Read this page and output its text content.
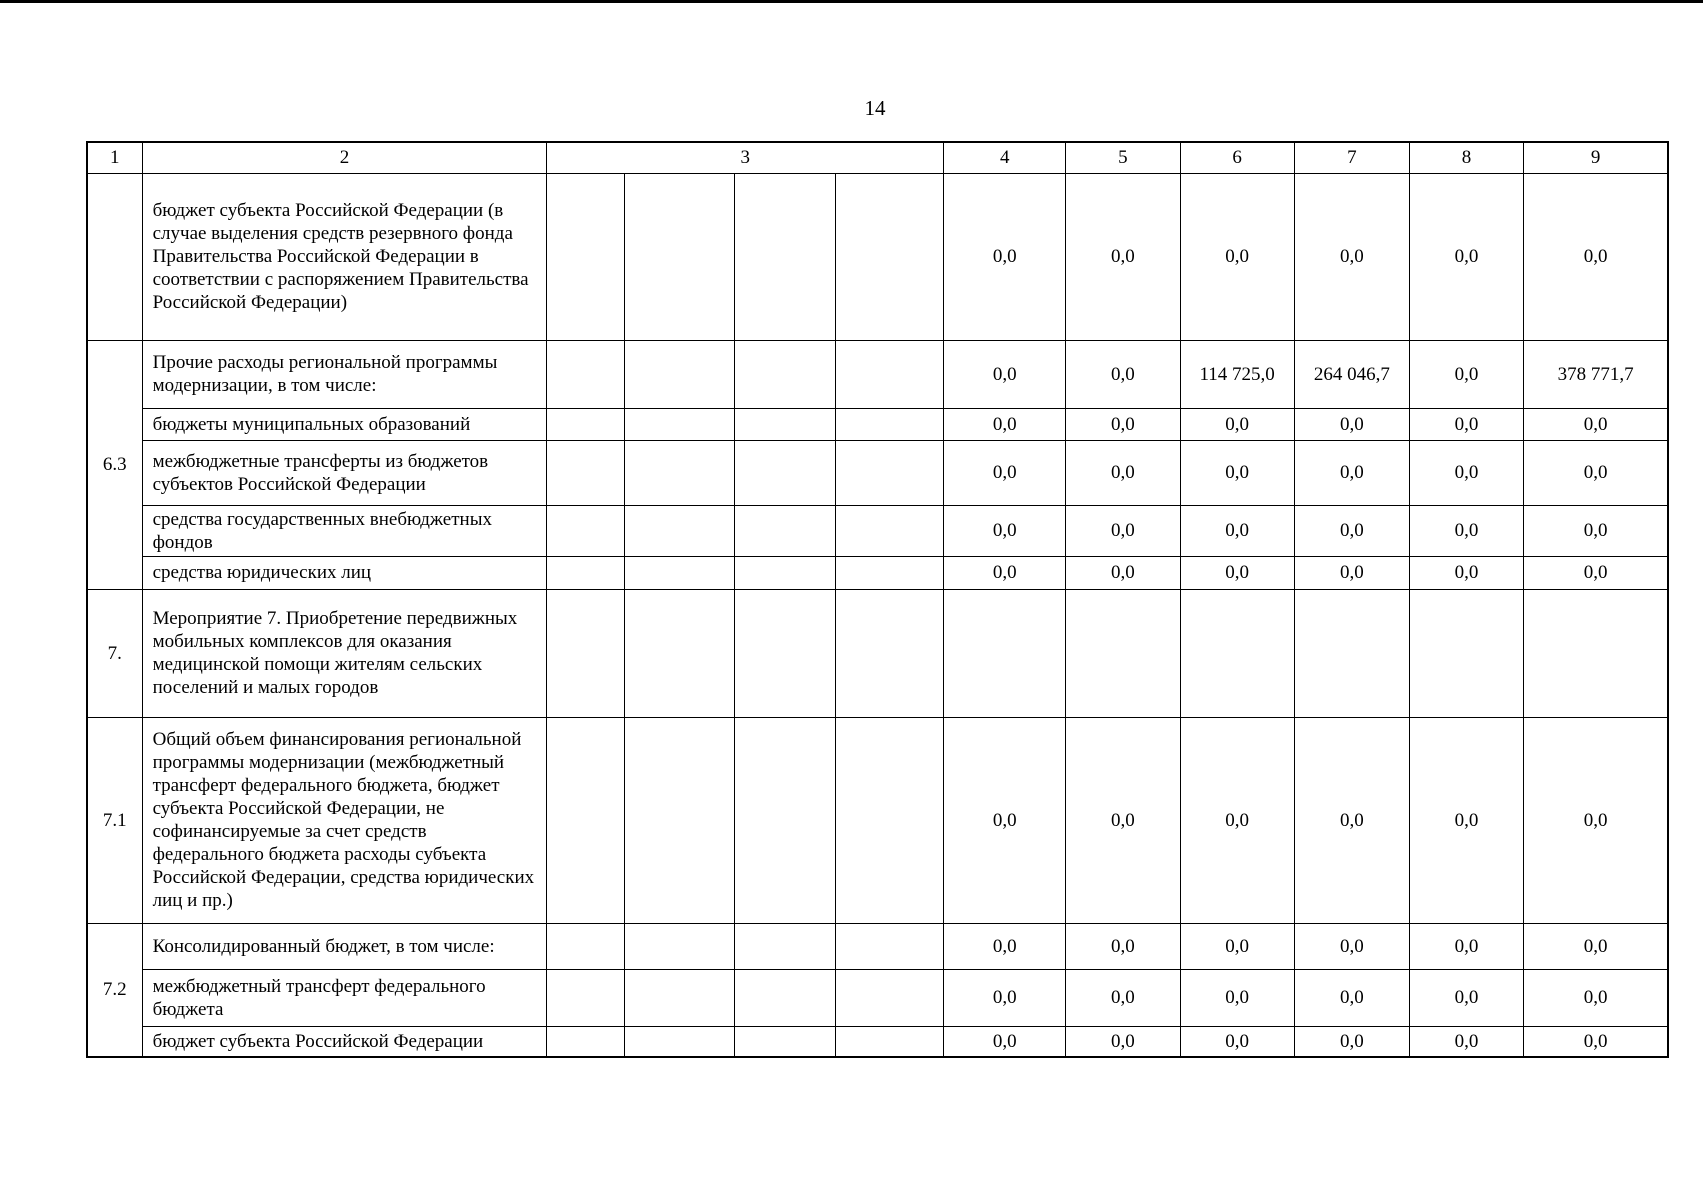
14
1	2	3				4	5	6	7	8	9
	бюджет субъекта Российской Федерации (в случае выделения средств резервного фонда Правительства Российской Федерации в соответствии с распоряжением Правительства Российской Федерации)					0,0	0,0	0,0	0,0	0,0	0,0
6.3	Прочие расходы региональной программы модернизации, в том числе:					0,0	0,0	114 725,0	264 046,7	0,0	378 771,7
	бюджеты муниципальных образований					0,0	0,0	0,0	0,0	0,0	0,0
	межбюджетные трансферты из бюджетов субъектов Российской Федерации					0,0	0,0	0,0	0,0	0,0	0,0
	средства государственных внебюджетных фондов					0,0	0,0	0,0	0,0	0,0	0,0
	средства юридических лиц					0,0	0,0	0,0	0,0	0,0	0,0
7.	Мероприятие 7. Приобретение передвижных мобильных комплексов для оказания медицинской помощи жителям сельских поселений и малых городов										
7.1	Общий объем финансирования региональной программы модернизации (межбюджетный трансферт федерального бюджета, бюджет субъекта Российской Федерации, не софинансируемые за счет средств федерального бюджета расходы субъекта Российской Федерации, средства юридических лиц и пр.)					0,0	0,0	0,0	0,0	0,0	0,0
7.2	Консолидированный бюджет, в том числе:					0,0	0,0	0,0	0,0	0,0	0,0
	межбюджетный трансферт федерального бюджета					0,0	0,0	0,0	0,0	0,0	0,0
	бюджет субъекта Российской Федерации					0,0	0,0	0,0	0,0	0,0	0,0
